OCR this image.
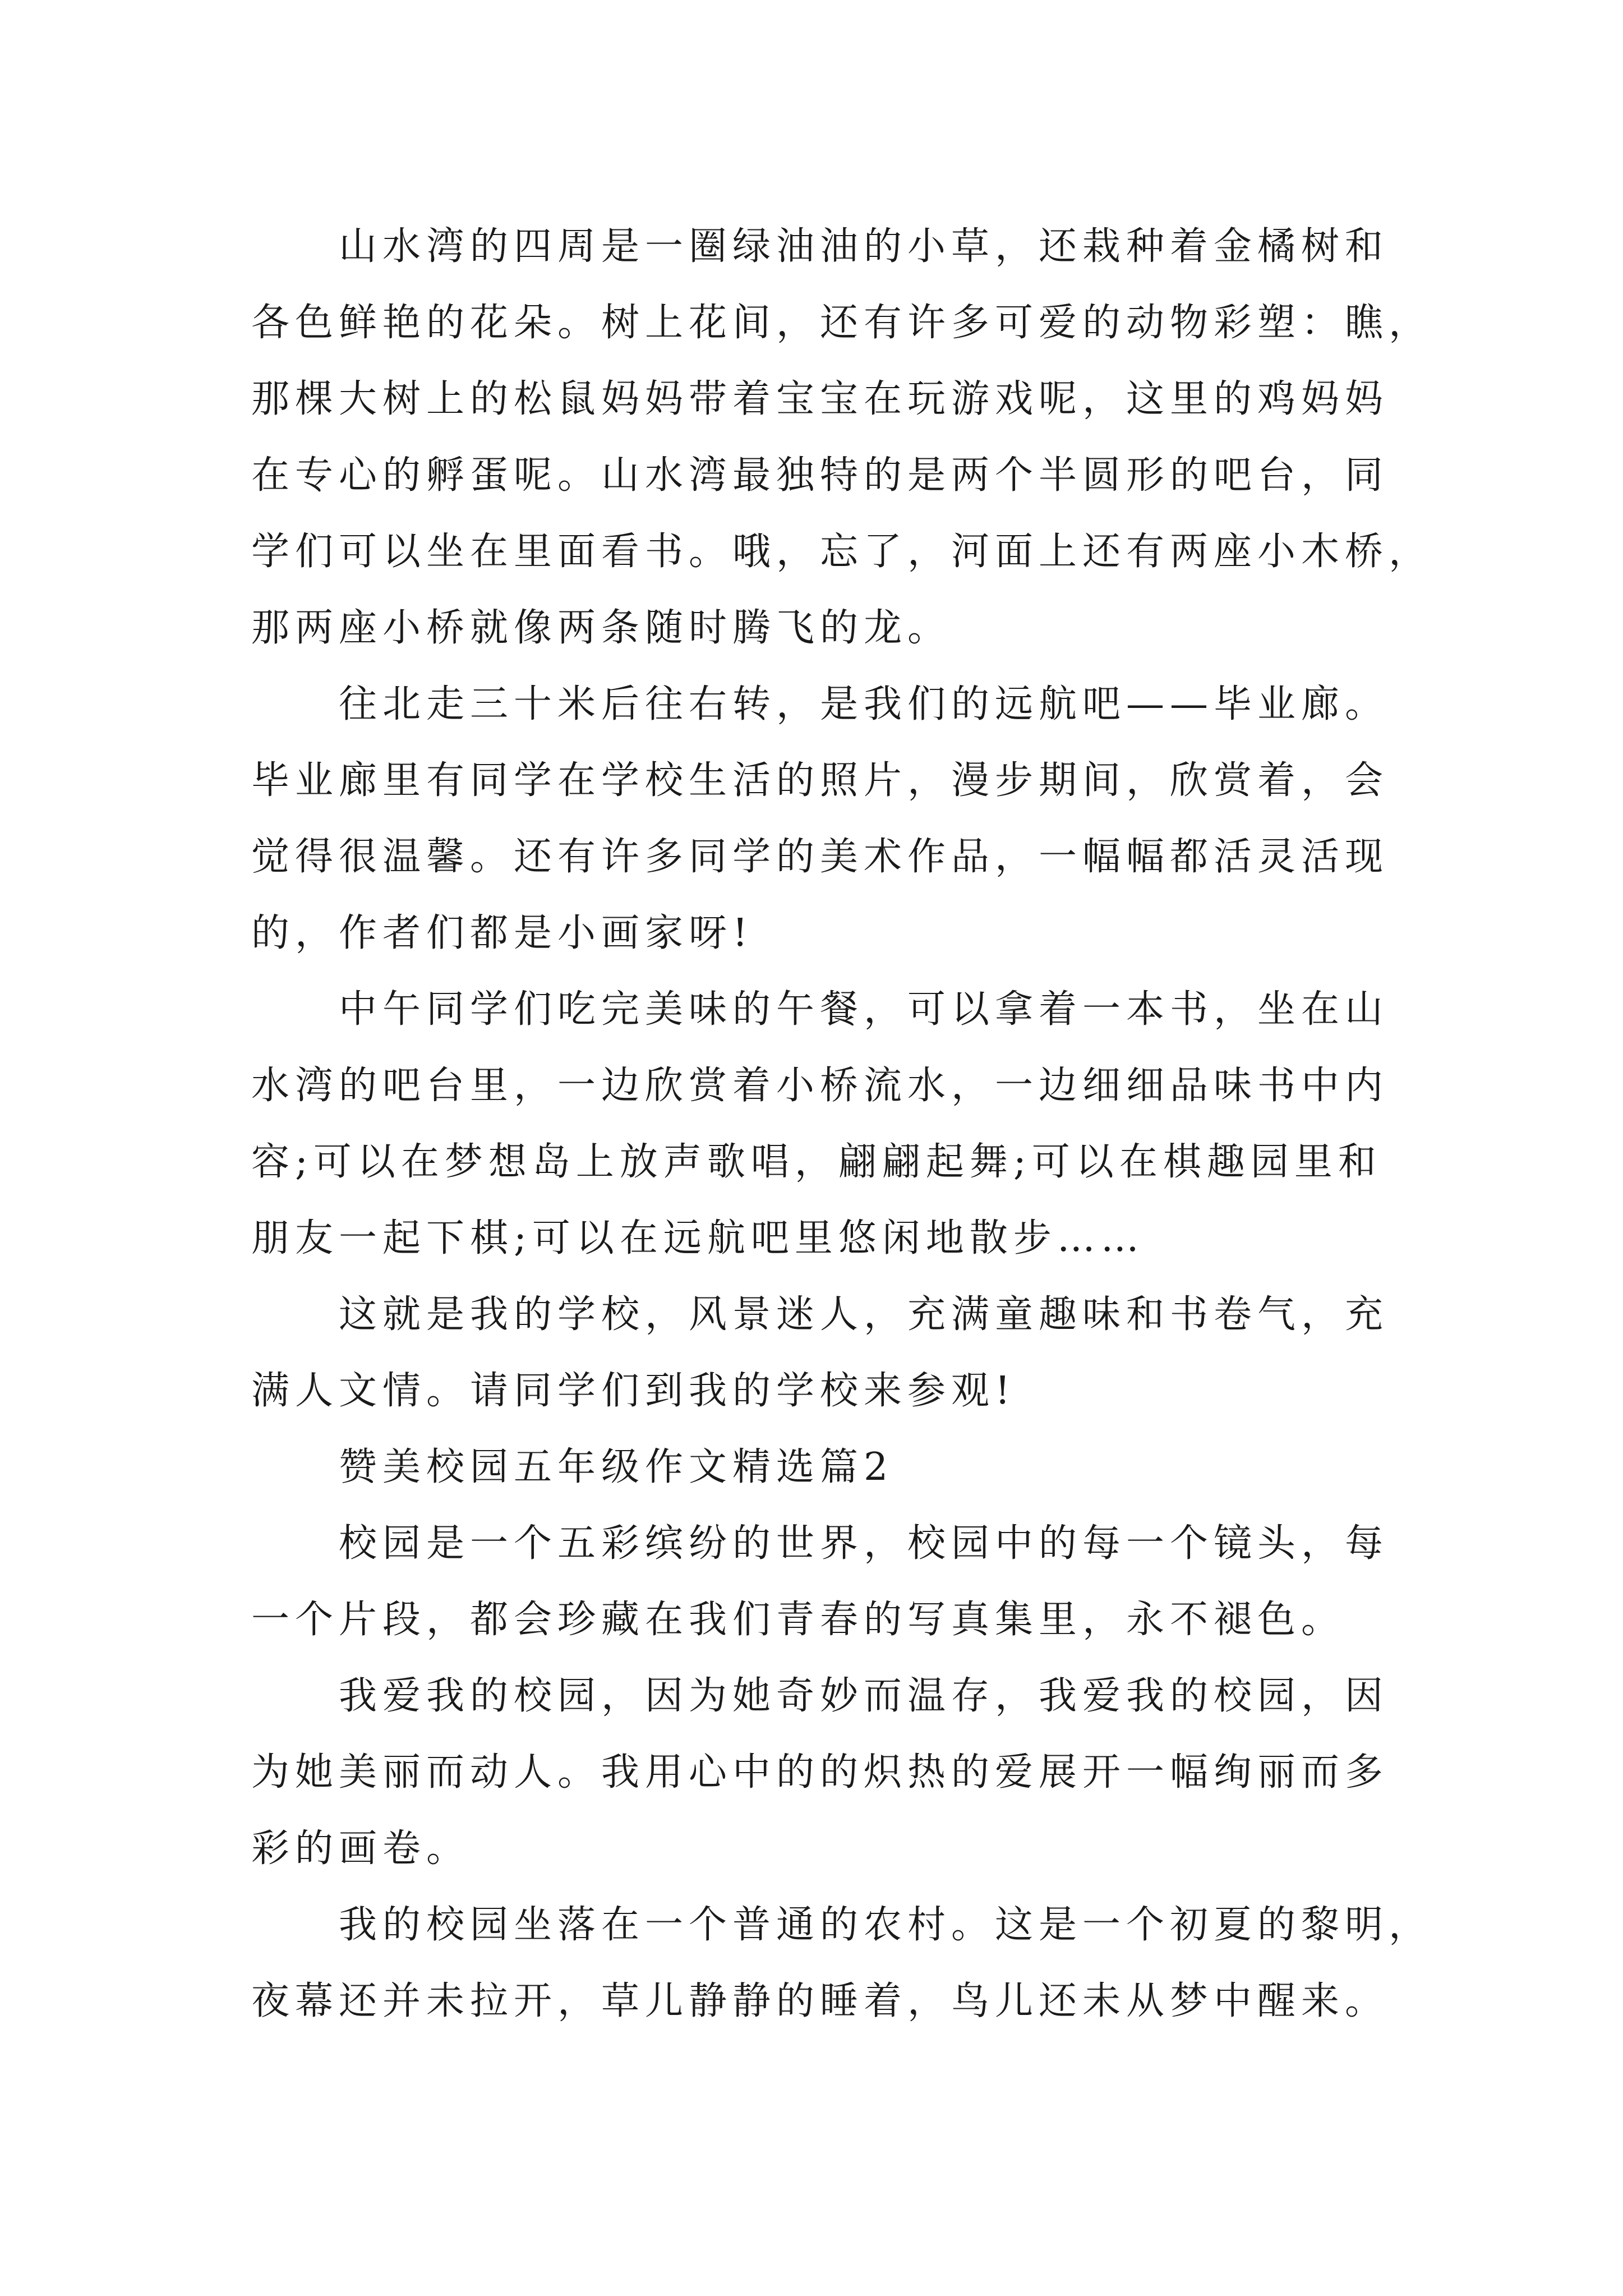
　　山水湾的四周是一圈绿油油的小草，还栽种着金橘树和
各色鲜艳的花朵。树上花间，还有许多可爱的动物彩塑：瞧，
那棵大树上的松鼠妈妈带着宝宝在玩游戏呢，这里的鸡妈妈
在专心的孵蛋呢。山水湾最独特的是两个半圆形的吧台，同
学们可以坐在里面看书。哦，忘了，河面上还有两座小木桥，
那两座小桥就像两条随时腾飞的龙。
　　往北走三十米后往右转，是我们的远航吧——毕业廊。
毕业廊里有同学在学校生活的照片，漫步期间，欣赏着，会
觉得很温馨。还有许多同学的美术作品，一幅幅都活灵活现
的，作者们都是小画家呀!
　　中午同学们吃完美味的午餐，可以拿着一本书，坐在山
水湾的吧台里，一边欣赏着小桥流水，一边细细品味书中内
容;可以在梦想岛上放声歌唱，翩翩起舞;可以在棋趣园里和
朋友一起下棋;可以在远航吧里悠闲地散步……
　　这就是我的学校，风景迷人，充满童趣味和书卷气，充
满人文情。请同学们到我的学校来参观!
　　赞美校园五年级作文精选篇2
　　校园是一个五彩缤纷的世界，校园中的每一个镜头，每
一个片段，都会珍藏在我们青春的写真集里，永不褪色。
　　我爱我的校园，因为她奇妙而温存，我爱我的校园，因
为她美丽而动人。我用心中的的炽热的爱展开一幅绚丽而多
彩的画卷。
　　我的校园坐落在一个普通的农村。这是一个初夏的黎明，
夜幕还并未拉开，草儿静静的睡着，鸟儿还未从梦中醒来。
